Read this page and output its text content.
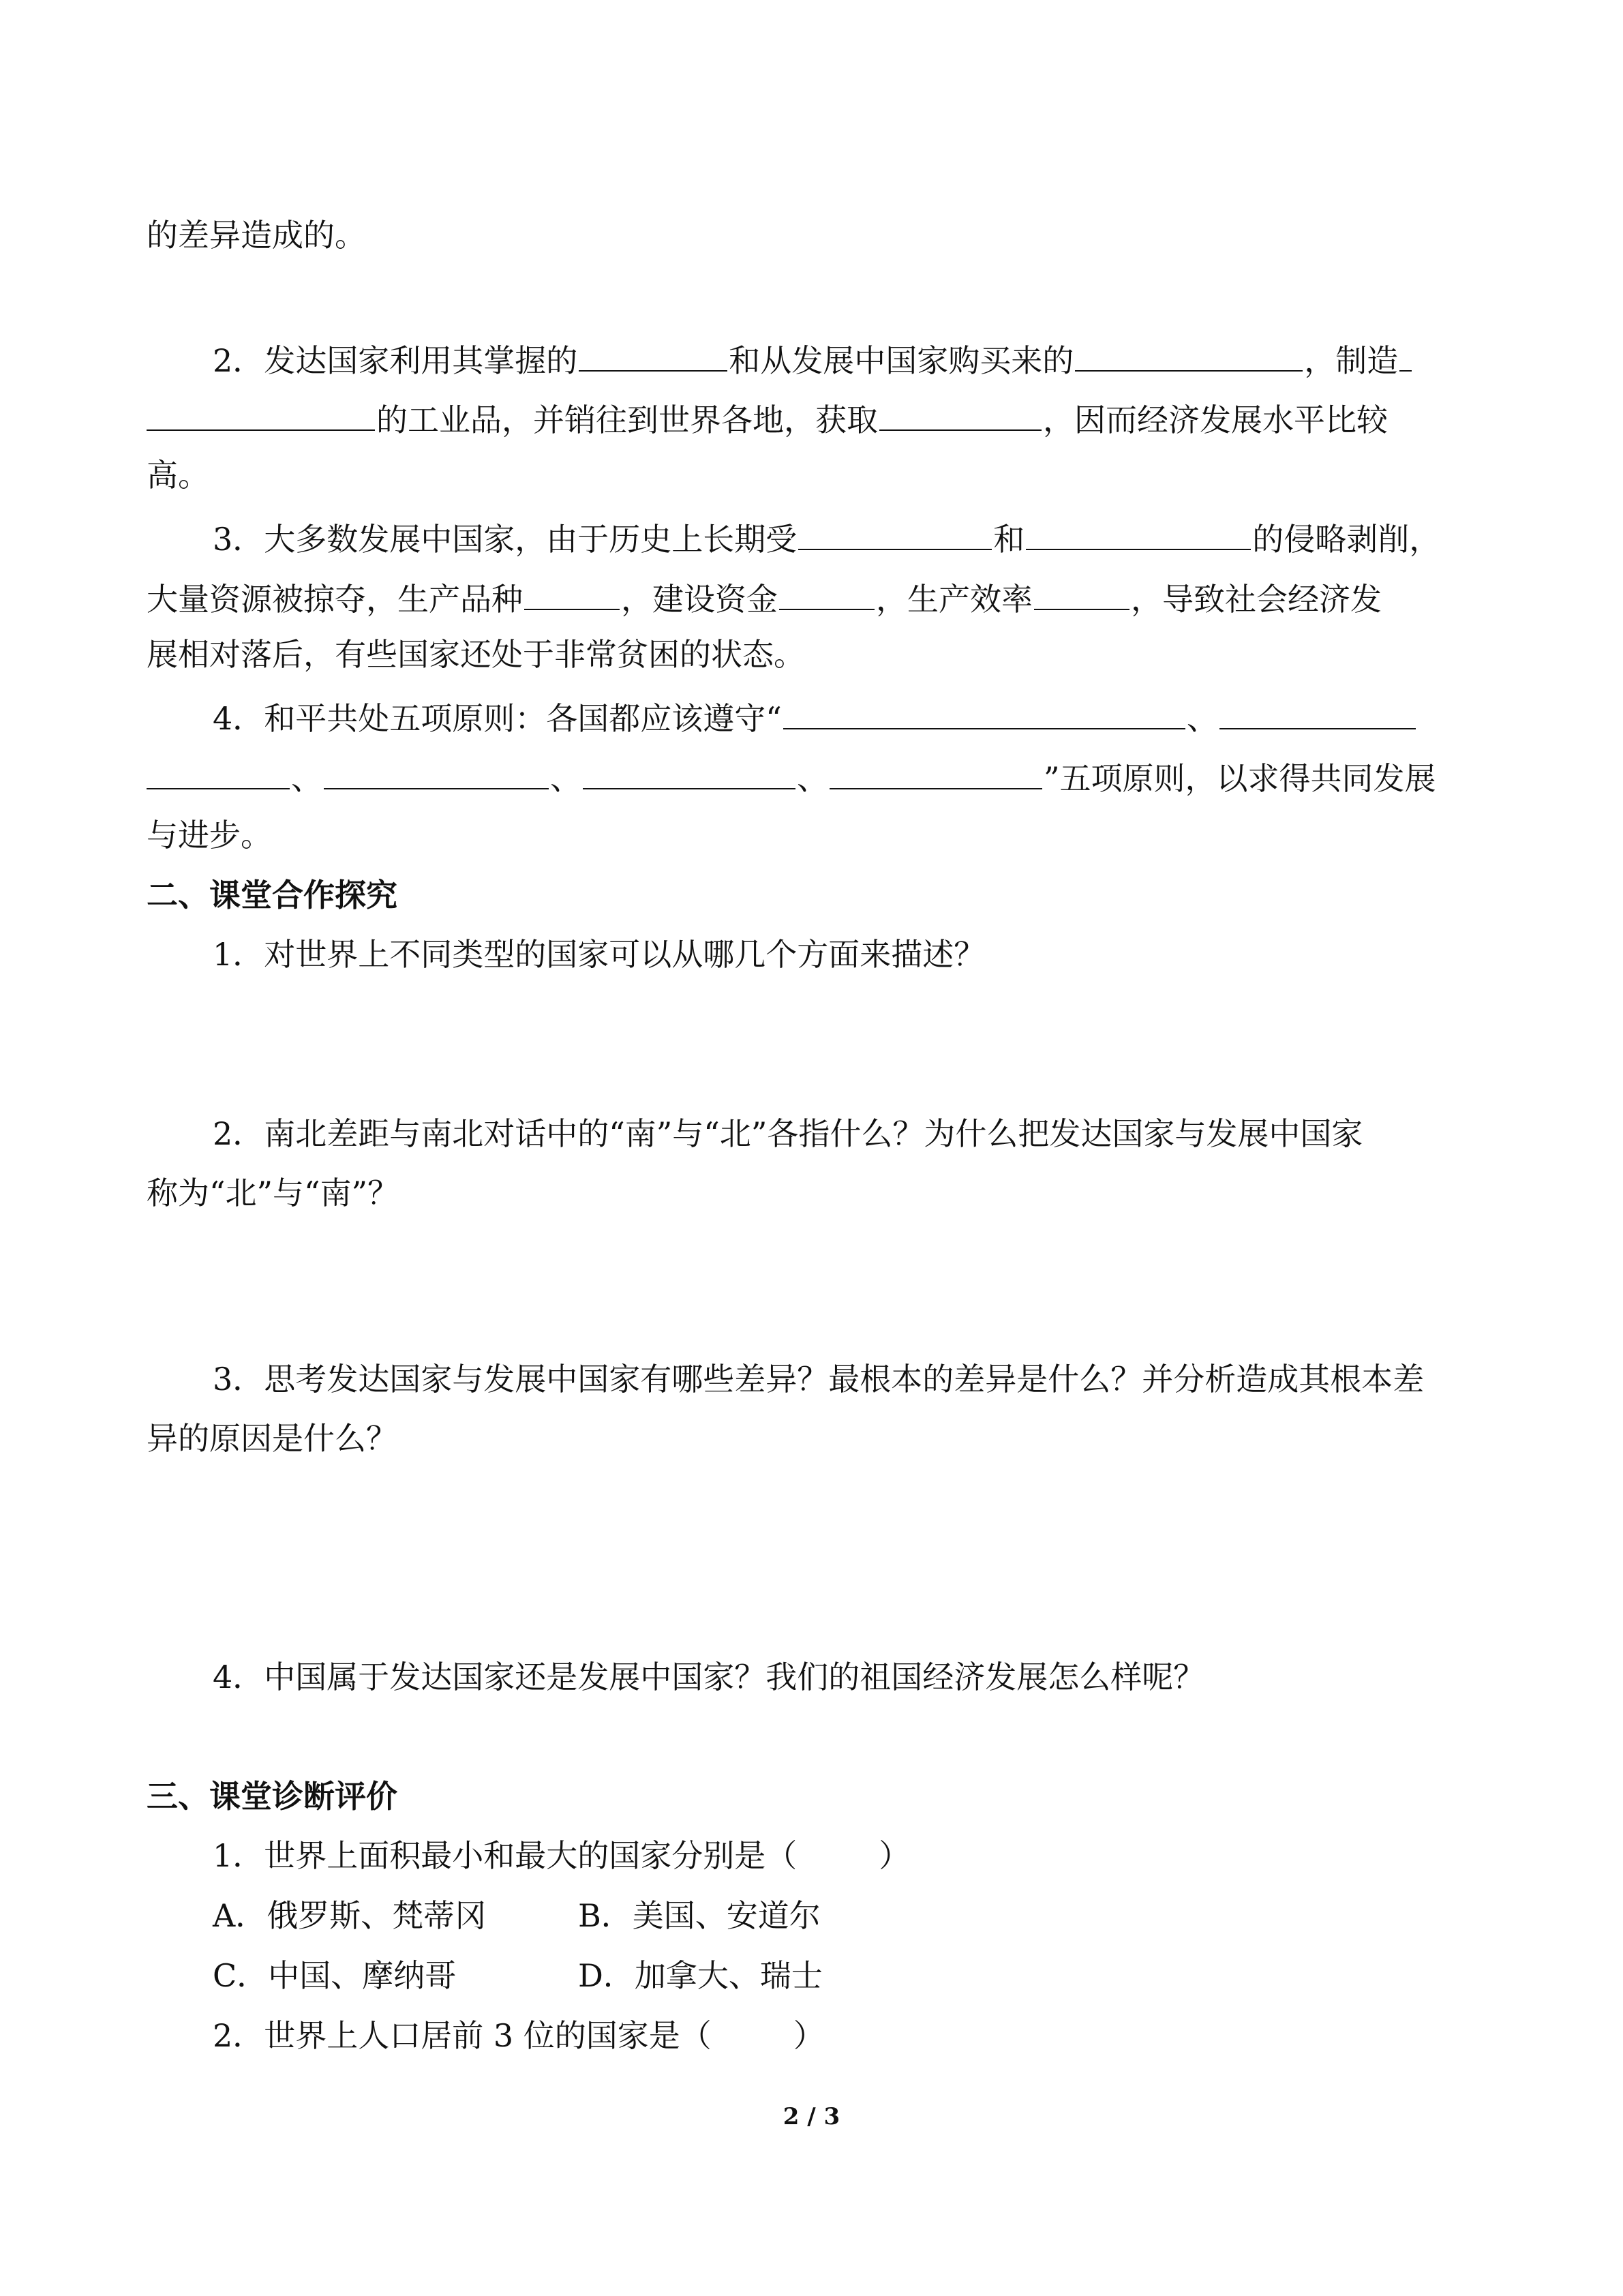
的差异造成的。
2．发达国家利用其掌握的	和从发展中国家购买来的	，制造
的工业品，并销往到世界各地，获取	，因而经济发展水平比较
高。
3．大多数发展中国家，由于历史上长期受	和	的侵略剥削，
大量资源被掠夺，生产品种	，建设资金	，生产效率	，导致社会经济发
展相对落后，有些国家还处于非常贫困的状态。
4．和平共处五项原则：各国都应该遵守“	、
、	、	、	”五项原则，以求得共同发展
与进步。
二、课堂合作探究
1．对世界上不同类型的国家可以从哪几个方面来描述？
2．南北差距与南北对话中的“南”与“北”各指什么？为什么把发达国家与发展中国家
称为“北”与“南”？
3．思考发达国家与发展中国家有哪些差异？最根本的差异是什么？并分析造成其根本差
异的原因是什么？
4．中国属于发达国家还是发展中国家？我们的祖国经济发展怎么样呢？
三、课堂诊断评价
1．世界上面积最小和最大的国家分别是（	）
A．俄罗斯、梵蒂冈	B．美国、安道尔
C．中国、摩纳哥	D．加拿大、瑞士
2．世界上人口居前 3 位的国家是（	）
2 / 3
